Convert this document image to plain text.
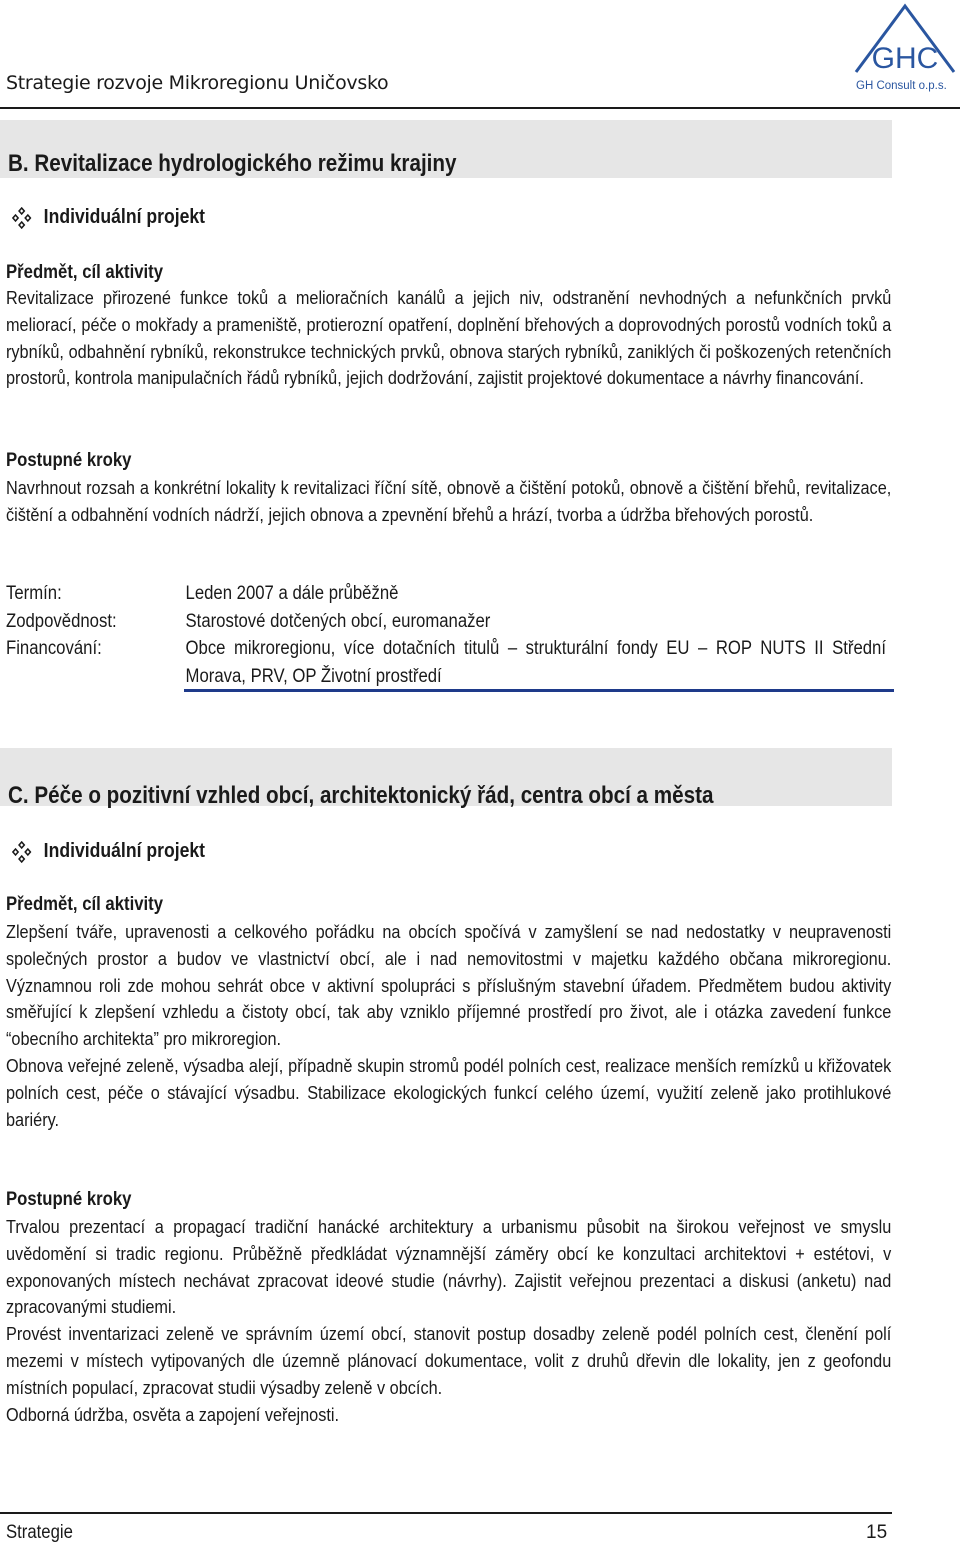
Strategie rozvoje Mikroregionu Uničovsko
GHC
GH Consult o.p.s.
B. Revitalizace hydrologického režimu krajiny
Individuální projekt
Předmět, cíl aktivity

Revitalizace přirozené funkce toků a melioračních kanálů a jejich niv, odstranění nevhodných a nefunkčních prvků meliorací, péče o mokřady a prameniště, protierozní opatření, doplnění břehových a doprovodných porostů vodních toků a rybníků, odbahnění rybníků, rekonstrukce technických prvků, obnova starých rybníků, zaniklých či poškozených retenčních prostorů, kontrola manipulačních řádů rybníků, jejich dodržování, zajistit projektové dokumentace a návrhy financování.

Postupné kroky

Navrhnout rozsah a konkrétní lokality k revitalizaci říční sítě, obnově a čištění potoků, obnově a čištění břehů, revitalizace, čištění a odbahnění vodních nádrží, jejich obnova a zpevnění břehů a hrází, tvorba a údržba břehových porostů.

Termín:	Leden 2007 a dále průběžně
Zodpovědnost:	Starostové dotčených obcí, euromanažer
Financování:	Obce mikroregionu, více dotačních titulů – strukturální fondy EU – ROP NUTS II Střední Morava, PRV, OP Životní prostředí
C. Péče o pozitivní vzhled obcí, architektonický řád, centra obcí a města
Individuální projekt
Předmět, cíl aktivity

Zlepšení tváře, upravenosti a celkového pořádku na obcích spočívá v zamyšlení se nad nedostatky v neupravenosti společných prostor a budov ve vlastnictví obcí, ale i nad nemovitostmi v majetku každého občana mikroregionu. Významnou roli zde mohou sehrát obce v aktivní spolupráci s příslušným stavební úřadem. Předmětem budou aktivity směřující k zlepšení vzhledu a čistoty obcí, tak aby vzniklo příjemné prostředí pro život, ale i otázka zavedení funkce “obecního architekta” pro mikroregion.

Obnova veřejné zeleně, výsadba alejí, případně skupin stromů podél polních cest, realizace menších remízků u křižovatek polních cest, péče o stávající výsadbu. Stabilizace ekologických funkcí celého území, využití zeleně jako protihlukové bariéry.

Postupné kroky

Trvalou prezentací a propagací tradiční hanácké architektury a urbanismu působit na širokou veřejnost ve smyslu uvědomění si tradic regionu. Průběžně předkládat významnější záměry obcí ke konzultaci architektovi + estétovi, v exponovaných místech nechávat zpracovat ideové studie (návrhy). Zajistit veřejnou prezentaci a diskusi (anketu) nad zpracovanými studiemi.

Provést inventarizaci zeleně ve správním území obcí, stanovit postup dosadby zeleně podél polních cest, členění polí mezemi v místech vytipovaných dle územně plánovací dokumentace, volit z druhů dřevin dle lokality, jen z geofondu místních populací, zpracovat studii výsadby zeleně v obcích.

Odborná údržba, osvěta a zapojení veřejnosti.

Strategie	15
